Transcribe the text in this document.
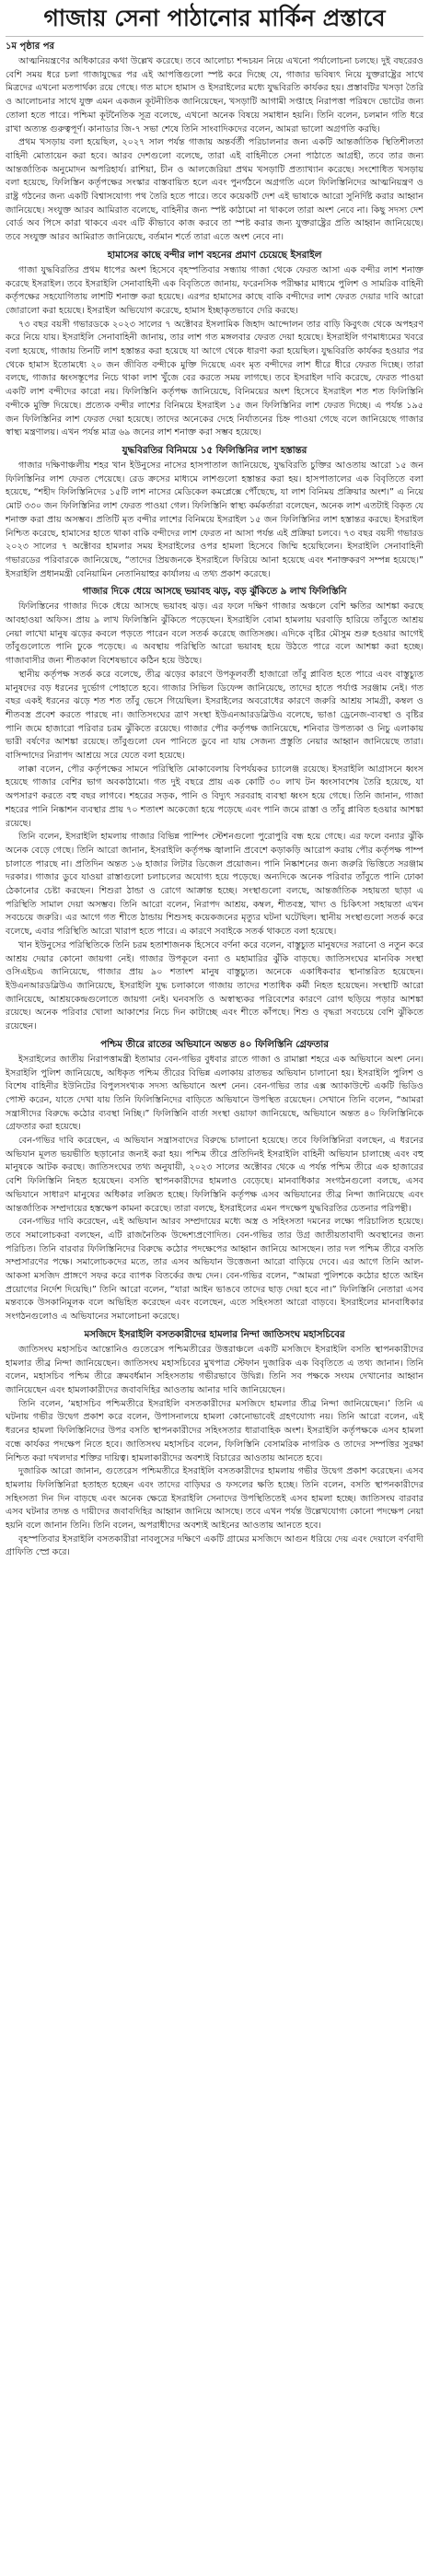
গাজায় সেনা পাঠানোর মার্কিন প্রস্তাবে
১ম পৃষ্ঠার পর

আত্মনিয়ন্ত্রণের অধিকারের কথা উল্লেখ করেছে। তবে আলোচ্য শব্দচয়ন নিয়ে এখনো পর্যালোচনা চলছে। দুই বছরেরও বেশি সময় ধরে চলা গাজাযুদ্ধের পর এই আপত্তিগুলো স্পষ্ট করে দিচ্ছে যে, গাজার ভবিষ্যৎ নিয়ে যুক্তরাষ্ট্রের সাথে মিত্রদের এখনো মতপার্থক্য রয়ে গেছে। গত মাসে হামাস ও ইসরাইলের মধ্যে যুদ্ধবিরতি কার্যকর হয়। প্রস্তাবটির খসড়া তৈরি ও আলোচনার সাথে যুক্ত এমন একজন কূটনীতিক জানিয়েছেন, খসড়াটি আগামী সপ্তাহে নিরাপত্তা পরিষদে ভোটের জন্য তোলা হতে পারে। পশ্চিমা কূটনৈতিক সূত্র বলেছে, এখনো অনেক বিষয়ে সমাধান হয়নি। তিনি বলেন, চলমান গতি ধরে রাখা অত্যন্ত গুরুত্বপূর্ণ। কানাডার জি-৭ সভা শেষে তিনি সাংবাদিকদের বলেন, আমরা ভালো অগ্রগতি করছি।

প্রথম খসড়ায় বলা হয়েছিল, ২০২৭ সাল পর্যন্ত গাজায় অন্তর্বর্তী পরিচালনার জন্য একটি আন্তর্জাতিক স্থিতিশীলতা বাহিনী মোতায়েন করা হবে। আরব দেশগুলো বলেছে, তারা এই বাহিনীতে সেনা পাঠাতে আগ্রহী, তবে তার জন্য আন্তর্জাতিক অনুমোদন অপরিহার্য। রাশিয়া, চীন ও আলজেরিয়া প্রথম খসড়াটি প্রত্যাখ্যান করেছে। সংশোধিত খসড়ায় বলা হয়েছে, ফিলিস্তিন কর্তৃপক্ষের সংস্কার বাস্তবায়িত হলে এবং পুনর্গঠনে অগ্রগতি এলে ফিলিস্তিনিদের আত্মনিয়ন্ত্রণ ও রাষ্ট্র গঠনের জন্য একটি বিশ্বাসযোগ্য পথ তৈরি হতে পারে। তবে কয়েকটি দেশ এই ভাষাকে আরো সুনির্দিষ্ট করার আহ্বান জানিয়েছে। সংযুক্ত আরব আমিরাত বলেছে, বাহিনীর জন্য স্পষ্ট কাঠামো না থাকলে তারা অংশ নেবে না। কিছু সদস্য দেশ বোর্ড অব পিসে কারা থাকবে এবং এটি কীভাবে কাজ করবে তা স্পষ্ট করার জন্য যুক্তরাষ্ট্রের প্রতি আহ্বান জানিয়েছে। তবে সংযুক্ত আরব আমিরাত জানিয়েছে, বর্তমান শর্তে তারা এতে অংশ নেবে না।

হামাসের কাছে বন্দীর লাশ বহনের প্রমাণ চেয়েছে ইসরাইল

গাজা যুদ্ধবিরতির প্রথম ধাপের অংশ হিসেবে বৃহস্পতিবার সন্ধ্যায় গাজা থেকে ফেরত আসা এক বন্দীর লাশ শনাক্ত করেছে ইসরাইল। তবে ইসরাইলি সেনাবাহিনী এক বিবৃতিতে জানায়, ফরেনসিক পরীক্ষার মাধ্যমে পুলিশ ও সামরিক বাহিনী কর্তৃপক্ষের সহযোগিতায় লাশটি শনাক্ত করা হয়েছে। এরপর হামাসের কাছে বাকি বন্দীদের লাশ ফেরত দেয়ার দাবি আরো জোরালো করা হয়েছে। ইসরাইল অভিযোগ করেছে, হামাস ইচ্ছাকৃতভাবে দেরি করছে।

৭৩ বছর বয়সী গভারডকে ২০২৩ সালের ৭ অক্টোবর ইসলামিক জিহাদ আন্দোলন তার বাড়ি কিবুৎজ থেকে অপহরণ করে নিয়ে যায়। ইসরাইলি সেনাবাহিনী জানায়, তার লাশ গত মঙ্গলবার ফেরত দেয়া হয়েছে। ইসরাইলি গণমাধ্যমের খবরে বলা হয়েছে, গাজায় তিনটি লাশ হস্তান্তর করা হয়েছে যা আগে থেকে ধারণা করা হয়েছিল। যুদ্ধবিরতি কার্যকর হওয়ার পর থেকে হামাস ইতোমধ্যে ২০ জন জীবিত বন্দীকে মুক্তি দিয়েছে এবং মৃত বন্দীদের লাশ ধীরে ধীরে ফেরত দিচ্ছে। তারা বলছে, গাজার ধ্বংসস্তূপের নিচে থাকা লাশ খুঁজে বের করতে সময় লাগছে। তবে ইসরাইল দাবি করেছে, ফেরত পাওয়া একটি লাশ বন্দীদের কারো নয়। ফিলিস্তিনি কর্তৃপক্ষ জানিয়েছে, বিনিময়ের অংশ হিসেবে ইসরাইল শত শত ফিলিস্তিনি বন্দীকে মুক্তি দিয়েছে। প্রত্যেক বন্দীর লাশের বিনিময়ে ইসরাইল ১৫ জন ফিলিস্তিনির লাশ ফেরত দিচ্ছে। এ পর্যন্ত ১৯৫ জন ফিলিস্তিনির লাশ ফেরত দেয়া হয়েছে। তাদের অনেকের দেহে নির্যাতনের চিহ্ন পাওয়া গেছে বলে জানিয়েছে গাজার স্বাস্থ্য মন্ত্রণালয়। এখন পর্যন্ত মাত্র ৬৯ জনের লাশ শনাক্ত করা সম্ভব হয়েছে।

যুদ্ধবিরতির বিনিময়ে ১৫ ফিলিস্তিনির লাশ হস্তান্তর

গাজার দক্ষিণাঞ্চলীয় শহর খান ইউনুসের নাসের হাসপাতাল জানিয়েছে, যুদ্ধবিরতি চুক্তির আওতায় আরো ১৫ জন ফিলিস্তিনির লাশ ফেরত পেয়েছে। রেড ক্রসের মাধ্যমে লাশগুলো হস্তান্তর করা হয়। হাসপাতালের এক বিবৃতিতে বলা হয়েছে, “শহীদ ফিলিস্তিনিদের ১৫টি লাশ নাসের মেডিকেল কমপ্লেক্সে পৌঁছেছে, যা লাশ বিনিময় প্রক্রিয়ার অংশ।” এ নিয়ে মোট ৩৩০ জন ফিলিস্তিনির লাশ ফেরত পাওয়া গেল। ফিলিস্তিনি স্বাস্থ্য কর্মকর্তারা বলেছেন, অনেক লাশ এতটাই বিকৃত যে শনাক্ত করা প্রায় অসম্ভব। প্রতিটি মৃত বন্দীর লাশের বিনিময়ে ইসরাইল ১৫ জন ফিলিস্তিনির লাশ হস্তান্তর করছে। ইসরাইল নিশ্চিত করেছে, হামাসের হাতে থাকা বাকি বন্দীদের লাশ ফেরত না আসা পর্যন্ত এই প্রক্রিয়া চলবে। ৭৩ বছর বয়সী গভারড ২০২৩ সালের ৭ অক্টোবর হামলার সময় ইসরাইলের ওপর হামলা হিসেবে জিম্মি হয়েছিলেন। ইসরাইলি সেনাবাহিনী গভারডের পরিবারকে জানিয়েছে, “তাদের প্রিয়জনকে ইসরাইলে ফিরিয়ে আনা হয়েছে এবং শনাক্তকরণ সম্পন্ন হয়েছে।” ইসরাইলি প্রধানমন্ত্রী বেনিয়ামিন নেতানিয়াহুর কার্যালয় এ তথ্য প্রকাশ করেছে।

গাজার দিকে ধেয়ে আসছে ভয়াবহ ঝড়, বড় ঝুঁকিতে ৯ লাখ ফিলিস্তিনি

ফিলিস্তিনের গাজার দিকে ধেয়ে আসছে ভয়াবহ ঝড়। এর ফলে দক্ষিণ গাজার অঞ্চলে বেশি ক্ষতির আশঙ্কা করছে আবহাওয়া অফিস। প্রায় ৯ লাখ ফিলিস্তিনি ঝুঁকিতে পড়েছেন। ইসরাইলি বোমা হামলায় ঘরবাড়ি হারিয়ে তাঁবুতে আশ্রয় নেয়া লাখো মানুষ ঝড়ের কবলে পড়তে পারেন বলে সতর্ক করেছে জাতিসঙ্ঘ। এদিকে বৃষ্টির মৌসুম শুরু হওয়ার আগেই তাঁবুগুলোতে পানি ঢুকে পড়েছে। এ অবস্থায় পরিস্থিতি আরো ভয়াবহ হয়ে উঠতে পারে বলে আশঙ্কা করা হচ্ছে। গাজাবাসীর জন্য শীতকাল বিশেষভাবে কঠিন হয়ে উঠছে।

স্থানীয় কর্তৃপক্ষ সতর্ক করে বলেছে, তীব্র ঝড়ের কারণে উপকূলবর্তী হাজারো তাঁবু প্লাবিত হতে পারে এবং বাস্তুচ্যুত মানুষদের বড় ধরনের দুর্ভোগ পোহাতে হবে। গাজার সিভিল ডিফেন্স জানিয়েছে, তাদের হাতে পর্যাপ্ত সরঞ্জাম নেই। গত বছর একই ধরনের ঝড়ে শত শত তাঁবু ভেসে গিয়েছিল। ইসরাইলের অবরোধের কারণে জরুরি আশ্রয় সামগ্রী, কম্বল ও শীতবস্ত্র প্রবেশ করতে পারছে না। জাতিসংঘের ত্রাণ সংস্থা ইউএনআরডব্লিউএ বলেছে, ভাঙা ড্রেনেজ-ব্যবস্থা ও বৃষ্টির পানি জমে হাজারো পরিবার চরম ঝুঁকিতে রয়েছে। গাজার পৌর কর্তৃপক্ষ জানিয়েছে, শনিবার উপত্যকা ও নিচু এলাকায় ভারী বর্ষণের আশঙ্কা রয়েছে। তাঁবুগুলো যেন পানিতে ডুবে না যায় সেজন্য প্রস্তুতি নেয়ার আহ্বান জানিয়েছে তারা। বাসিন্দাদের নিরাপদ আশ্রয়ে সরে যেতে বলা হয়েছে।

লাক্কা বলেন, পৌর কর্তৃপক্ষের সামনে পরিস্থিতি মোকাবেলায় বিপর্যয়কর চ্যালেঞ্জ রয়েছে। ইসরাইলি আগ্রাসনে ধ্বংস হয়েছে গাজার বেশির ভাগ অবকাঠামো। গত দুই বছরে প্রায় এক কোটি ৩০ লাখ টন ধ্বংসাবশেষ তৈরি হয়েছে, যা অপসারণ করতে বহু বছর লাগবে। শহরের সড়ক, পানি ও বিদ্যুৎ সরবরাহ ব্যবস্থা ধ্বংস হয়ে গেছে। তিনি জানান, গাজা শহরের পানি নিষ্কাশন ব্যবস্থার প্রায় ৭০ শতাংশ অকেজো হয়ে পড়েছে এবং পানি জমে রাস্তা ও তাঁবু প্লাবিত হওয়ার আশঙ্কা রয়েছে।

তিনি বলেন, ইসরাইলি হামলায় গাজার বিভিন্ন পাম্পিং স্টেশনগুলো পুরোপুরি বন্ধ হয়ে গেছে। এর ফলে বন্যার ঝুঁকি অনেক বেড়ে গেছে। তিনি আরো জানান, ইসরাইলি কর্তৃপক্ষ জ্বালানি প্রবেশে কড়াকড়ি আরোপ করায় পৌর কর্তৃপক্ষ পাম্প চালাতে পারছে না। প্রতিদিন অন্তত ১৬ হাজার লিটার ডিজেল প্রয়োজন। পানি নিষ্কাশনের জন্য জরুরি ভিত্তিতে সরঞ্জাম দরকার। গাজার ডুবে যাওয়া রাস্তাগুলো চলাচলের অযোগ্য হয়ে পড়েছে। অন্যদিকে অনেক পরিবার তাঁবুতে পানি ঢোকা ঠেকানোর চেষ্টা করছেন। শিশুরা ঠান্ডা ও রোগে আক্রান্ত হচ্ছে। সংস্থাগুলো বলছে, আন্তর্জাতিক সহায়তা ছাড়া এ পরিস্থিতি সামাল দেয়া অসম্ভব। তিনি আরো বলেন, নিরাপদ আশ্রয়, কম্বল, শীতবস্ত্র, খাদ্য ও চিকিৎসা সহায়তা এখন সবচেয়ে জরুরি। এর আগে গত শীতে ঠান্ডায় শিশুসহ কয়েকজনের মৃত্যুর ঘটনা ঘটেছিল। স্থানীয় সংস্থাগুলো সতর্ক করে বলেছে, এবার পরিস্থিতি আরো খারাপ হতে পারে। এ কারণে সবাইকে সতর্ক থাকতে বলা হয়েছে।

খান ইউনুসের পরিস্থিতিকে তিনি চরম হতাশাজনক হিসেবে বর্ণনা করে বলেন, বাস্তুচ্যুত মানুষদের সরানো ও নতুন করে আশ্রয় দেয়ার কোনো জায়গা নেই। গাজার উপকূলে বন্যা ও মহামারির ঝুঁকি বাড়ছে। জাতিসংঘের মানবিক সংস্থা ওসিএইচএ জানিয়েছে, গাজার প্রায় ৯০ শতাংশ মানুষ বাস্তুচ্যুত। অনেকে একাধিকবার স্থানান্তরিত হয়েছেন। ইউএনআরডব্লিউএ জানিয়েছে, ইসরাইলি যুদ্ধ চলাকালে গাজায় তাদের শতাধিক কর্মী নিহত হয়েছেন। সংস্থাটি আরো জানিয়েছে, আশ্রয়কেন্দ্রগুলোতে জায়গা নেই। ঘনবসতি ও অস্বাস্থ্যকর পরিবেশের কারণে রোগ ছড়িয়ে পড়ার আশঙ্কা রয়েছে। অনেক পরিবার খোলা আকাশের নিচে দিন কাটাচ্ছে এবং শীতে কাঁপছে। শিশু ও বৃদ্ধরা সবচেয়ে বেশি ঝুঁকিতে রয়েছেন।

পশ্চিম তীরে রাতের অভিযানে অন্তত ৪০ ফিলিস্তিনি গ্রেফতার

ইসরাইলের জাতীয় নিরাপত্তামন্ত্রী ইতামার বেন-গভির বুধবার রাতে গাজা ও রামাল্লা শহরে এক অভিযানে অংশ নেন। ইসরাইলি পুলিশ জানিয়েছে, অধিকৃত পশ্চিম তীরের বিভিন্ন এলাকায় রাতভর অভিযান চালানো হয়। ইসরাইলি পুলিশ ও বিশেষ বাহিনীর ইউনিটের বিপুলসংখ্যক সদস্য অভিযানে অংশ নেন। বেন-গভির তার এক্স অ্যাকাউন্টে একটি ভিডিও পোস্ট করেন, যাতে দেখা যায় তিনি ফিলিস্তিনিদের বাড়িতে অভিযানে উপস্থিত রয়েছেন। সেখানে তিনি বলেন, “আমরা সন্ত্রাসীদের বিরুদ্ধে কঠোর ব্যবস্থা নিচ্ছি।” ফিলিস্তিনি বার্তা সংস্থা ওয়াফা জানিয়েছে, অভিযানে অন্তত ৪০ ফিলিস্তিনিকে গ্রেফতার করা হয়েছে।

বেন-গভির দাবি করেছেন, এ অভিযান সন্ত্রাসবাদের বিরুদ্ধে চালানো হয়েছে। তবে ফিলিস্তিনিরা বলছেন, এ ধরনের অভিযান মূলত ভয়ভীতি ছড়ানোর জন্যই করা হয়। পশ্চিম তীরে প্রতিদিনই ইসরাইলি বাহিনী অভিযান চালাচ্ছে এবং বহু মানুষকে আটক করছে। জাতিসংঘের তথ্য অনুযায়ী, ২০২৩ সালের অক্টোবর থেকে এ পর্যন্ত পশ্চিম তীরে এক হাজারের বেশি ফিলিস্তিনি নিহত হয়েছেন। বসতি স্থাপনকারীদের হামলাও বেড়েছে। মানবাধিকার সংগঠনগুলো বলছে, এসব অভিযানে সাধারণ মানুষের অধিকার লঙ্ঘিত হচ্ছে। ফিলিস্তিনি কর্তৃপক্ষ এসব অভিযানের তীব্র নিন্দা জানিয়েছে এবং আন্তর্জাতিক সম্প্রদায়ের হস্তক্ষেপ কামনা করেছে। তারা বলছে, ইসরাইলের এমন পদক্ষেপ যুদ্ধবিরতির চেতনার পরিপন্থী।

বেন-গভির দাবি করেছেন, এই অভিযান আরব সম্প্রদায়ের মধ্যে অস্ত্র ও সহিংসতা দমনের লক্ষ্যে পরিচালিত হয়েছে। তবে সমালোচকরা বলছেন, এটি রাজনৈতিক উদ্দেশ্যপ্রণোদিত। বেন-গভির তার উগ্র জাতীয়তাবাদী অবস্থানের জন্য পরিচিত। তিনি বারবার ফিলিস্তিনিদের বিরুদ্ধে কঠোর পদক্ষেপের আহ্বান জানিয়ে আসছেন। তার দল পশ্চিম তীরে বসতি সম্প্রসারণের পক্ষে। সমালোচকদের মতে, তার এসব অভিযান উত্তেজনা আরো বাড়িয়ে দেবে। এর আগে তিনি আল-আকসা মসজিদ প্রাঙ্গণে সফর করে ব্যাপক বিতর্কের জন্ম দেন। বেন-গভির বলেন, “আমরা পুলিশকে কঠোর হাতে আইন প্রয়োগের নির্দেশ দিয়েছি।” তিনি আরো বলেন, “যারা আইন ভাঙবে তাদের ছাড় দেয়া হবে না।” ফিলিস্তিনি নেতারা এসব মন্তব্যকে উসকানিমূলক বলে অভিহিত করেছেন এবং বলেছেন, এতে সহিংসতা আরো বাড়বে। ইসরাইলের মানবাধিকার সংগঠনগুলোও এ অভিযানের সমালোচনা করেছে।

মসজিদে ইসরাইলি বসতকারীদের হামলার নিন্দা জাতিসংঘ মহাসচিবের

জাতিসংঘ মহাসচিব আন্তোনিও গুতেরেস পশ্চিমতীরের উত্তরাঞ্চলে একটি মসজিদে ইসরাইলি বসতি স্থাপনকারীদের হামলার তীব্র নিন্দা জানিয়েছেন। জাতিসংঘ মহাসচিবের মুখপাত্র স্টেফান দুজারিক এক বিবৃতিতে এ তথ্য জানান। তিনি বলেন, মহাসচিব পশ্চিম তীরে ক্রমবর্ধমান সহিংসতায় গভীরভাবে উদ্বিগ্ন। তিনি সব পক্ষকে সংযম দেখানোর আহ্বান জানিয়েছেন এবং হামলাকারীদের জবাবদিহির আওতায় আনার দাবি জানিয়েছেন।

তিনি বলেন, ‘মহাসচিব পশ্চিমতীরে ইসরাইলি বসতকারীদের মসজিদে হামলার তীব্র নিন্দা জানিয়েছেন।’ তিনি এ ঘটনায় গভীর উদ্বেগ প্রকাশ করে বলেন, উপাসনালয়ে হামলা কোনোভাবেই গ্রহণযোগ্য নয়। তিনি আরো বলেন, এই ধরনের হামলা ফিলিস্তিনিদের উপর বসতি স্থাপনকারীদের সহিংসতার ধারাবাহিক অংশ। ইসরাইলি কর্তৃপক্ষকে এসব হামলা বন্ধে কার্যকর পদক্ষেপ নিতে হবে। জাতিসংঘ মহাসচিব বলেন, ফিলিস্তিনি বেসামরিক নাগরিক ও তাদের সম্পত্তির সুরক্ষা নিশ্চিত করা দখলদার শক্তির দায়িত্ব। হামলাকারীদের অবশ্যই বিচারের আওতায় আনতে হবে।

দুজারিক আরো জানান, গুতেরেস পশ্চিমতীরে ইসরাইলি বসতকারীদের হামলায় গভীর উদ্বেগ প্রকাশ করেছেন। এসব হামলায় ফিলিস্তিনিরা হতাহত হচ্ছেন এবং তাদের বাড়িঘর ও ফসলের ক্ষতি হচ্ছে। তিনি বলেন, বসতি স্থাপনকারীদের সহিংসতা দিন দিন বাড়ছে এবং অনেক ক্ষেত্রে ইসরাইলি সেনাদের উপস্থিতিতেই এসব হামলা হচ্ছে। জাতিসংঘ বারবার এসব ঘটনার তদন্ত ও দায়ীদের জবাবদিহির আহ্বান জানিয়ে আসছে। তবে এখন পর্যন্ত উল্লেখযোগ্য কোনো পদক্ষেপ নেয়া হয়নি বলে জানান তিনি। তিনি বলেন, অপরাধীদের অবশ্যই আইনের আওতায় আনতে হবে।

বৃহস্পতিবার ইসরাইলি বসতকারীরা নাবলুসের দক্ষিণে একটি গ্রামের মসজিদে আগুন ধরিয়ে দেয় এবং দেয়ালে বর্ণবাদী গ্রাফিতি স্প্রে করে।
